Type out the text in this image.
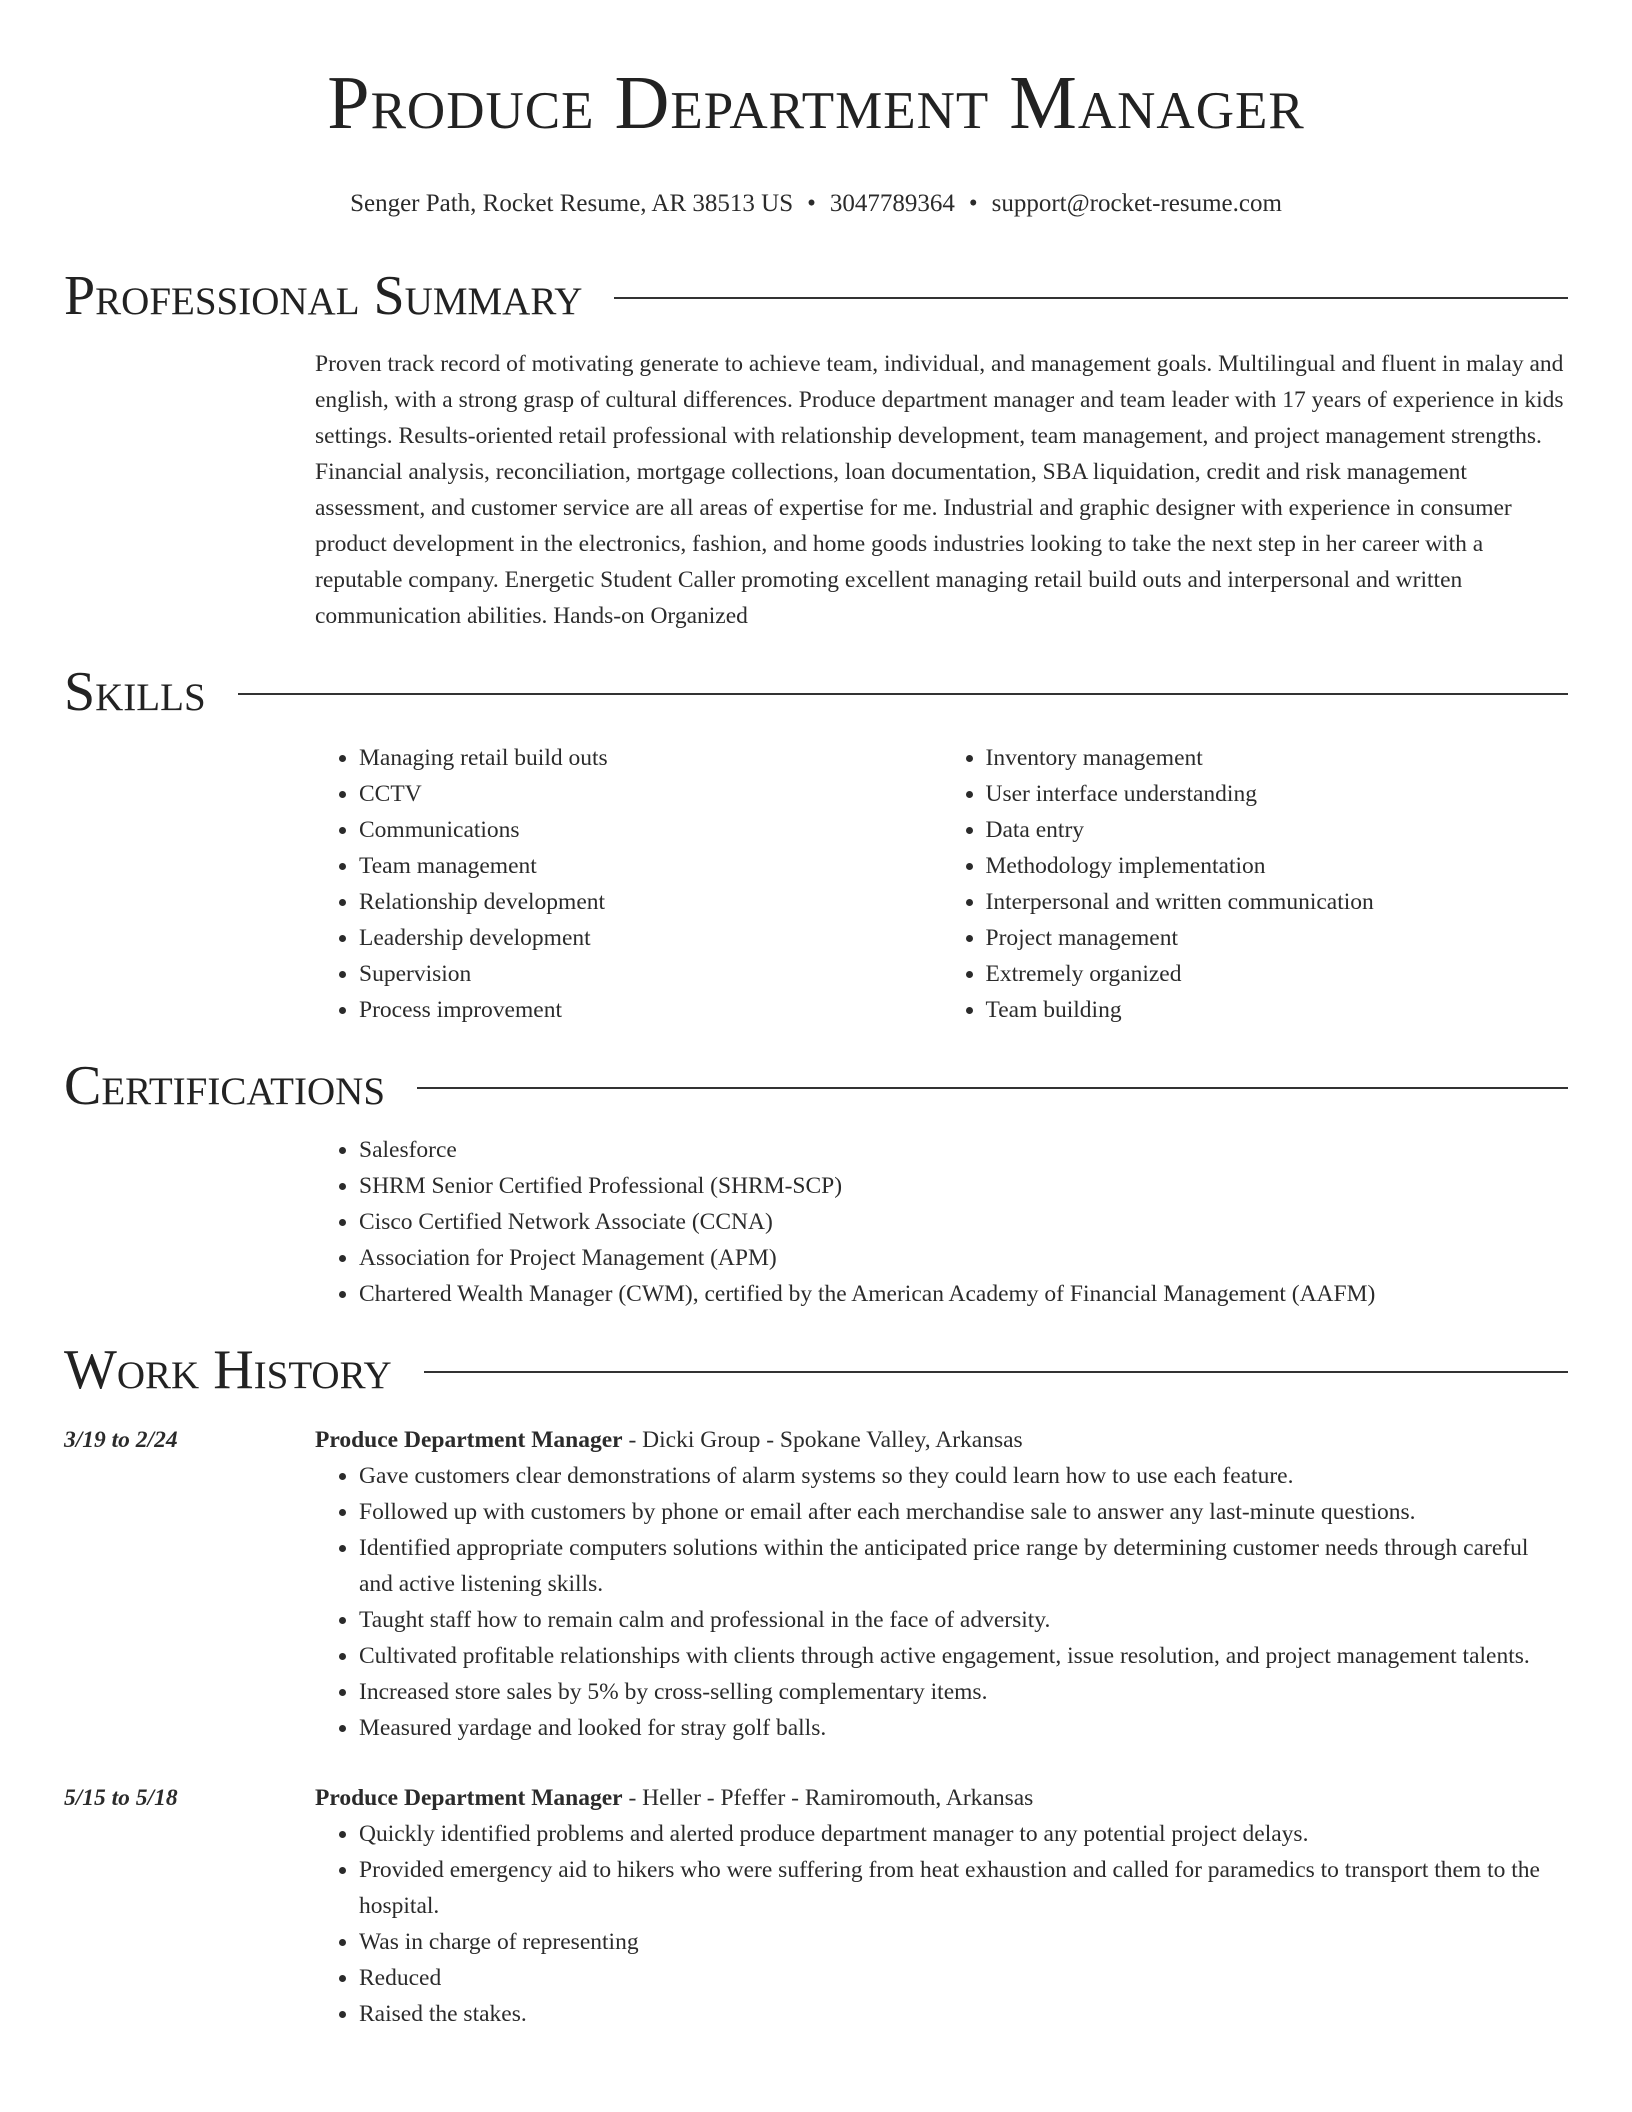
Produce Department Manager
Senger Path, Rocket Resume, AR 38513 US • 3047789364 • support@rocket-resume.com
Professional Summary
Proven track record of motivating generate to achieve team, individual, and management goals. Multilingual and fluent in malay and english, with a strong grasp of cultural differences. Produce department manager and team leader with 17 years of experience in kids settings. Results-oriented retail professional with relationship development, team management, and project management strengths. Financial analysis, reconciliation, mortgage collections, loan documentation, SBA liquidation, credit and risk management assessment, and customer service are all areas of expertise for me. Industrial and graphic designer with experience in consumer product development in the electronics, fashion, and home goods industries looking to take the next step in her career with a reputable company. Energetic Student Caller promoting excellent managing retail build outs and interpersonal and written communication abilities. Hands-on Organized
Skills
• Managing retail build outs
• CCTV
• Communications
• Team management
• Relationship development
• Leadership development
• Supervision
• Process improvement
• Inventory management
• User interface understanding
• Data entry
• Methodology implementation
• Interpersonal and written communication
• Project management
• Extremely organized
• Team building
Certifications
• Salesforce
• SHRM Senior Certified Professional (SHRM-SCP)
• Cisco Certified Network Associate (CCNA)
• Association for Project Management (APM)
• Chartered Wealth Manager (CWM), certified by the American Academy of Financial Management (AAFM)
Work History
3/19 to 2/24	Produce Department Manager - Dicki Group - Spokane Valley, Arkansas
• Gave customers clear demonstrations of alarm systems so they could learn how to use each feature.
• Followed up with customers by phone or email after each merchandise sale to answer any last-minute questions.
• Identified appropriate computers solutions within the anticipated price range by determining customer needs through careful and active listening skills.
• Taught staff how to remain calm and professional in the face of adversity.
• Cultivated profitable relationships with clients through active engagement, issue resolution, and project management talents.
• Increased store sales by 5% by cross-selling complementary items.
• Measured yardage and looked for stray golf balls.
5/15 to 5/18	Produce Department Manager - Heller - Pfeffer - Ramiromouth, Arkansas
• Quickly identified problems and alerted produce department manager to any potential project delays.
• Provided emergency aid to hikers who were suffering from heat exhaustion and called for paramedics to transport them to the hospital.
• Was in charge of representing
• Reduced
• Raised the stakes.
